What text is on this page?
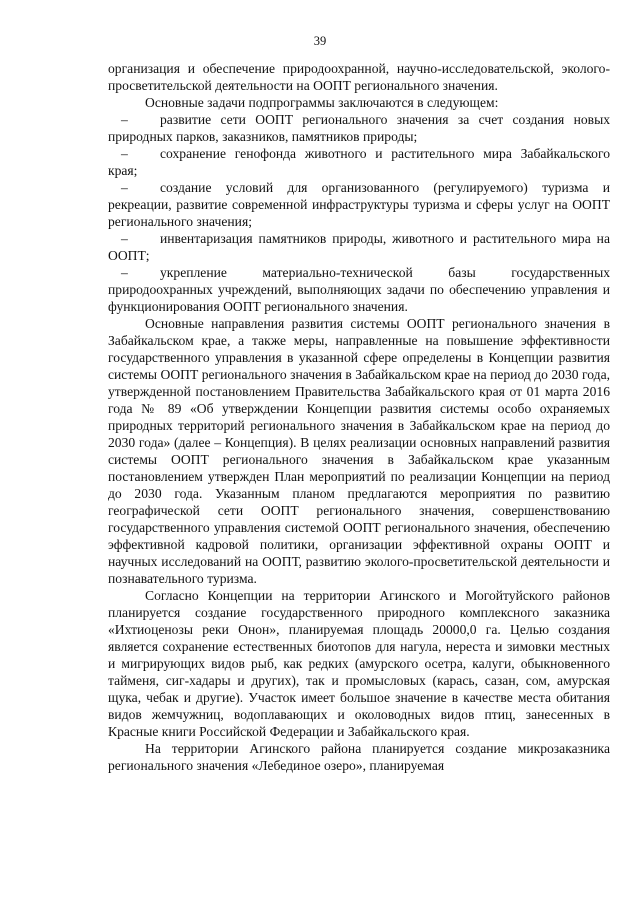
39

организация и обеспечение природоохранной, научно-исследовательской, эколого-просветительской деятельности на ООПТ регионального значения.

Основные задачи подпрограммы заключаются в следующем:

– развитие сети ООПТ регионального значения за счет создания новых природных парков, заказников, памятников природы;

– сохранение генофонда животного и растительного мира Забайкальского края;

– создание условий для организованного (регулируемого) туризма и рекреации, развитие современной инфраструктуры туризма и сферы услуг на ООПТ регионального значения;

– инвентаризация памятников природы, животного и растительного мира на ООПТ;

– укрепление материально-технической базы государственных природоохранных учреждений, выполняющих задачи по обеспечению управления и функционирования ООПТ регионального значения.

Основные направления развития системы ООПТ регионального значения в Забайкальском крае, а также меры, направленные на повышение эффективности государственного управления в указанной сфере определены в Концепции развития системы ООПТ регионального значения в Забайкальском крае на период до 2030 года, утвержденной постановлением Правительства Забайкальского края от 01 марта 2016 года № 89 «Об утверждении Концепции развития системы особо охраняемых природных территорий регионального значения в Забайкальском крае на период до 2030 года» (далее – Концепция). В целях реализации основных направлений развития системы ООПТ регионального значения в Забайкальском крае указанным постановлением утвержден План мероприятий по реализации Концепции на период до 2030 года. Указанным планом предлагаются мероприятия по развитию географической сети ООПТ регионального значения, совершенствованию государственного управления системой ООПТ регионального значения, обеспечению эффективной кадровой политики, организации эффективной охраны ООПТ и научных исследований на ООПТ, развитию эколого-просветительской деятельности и познавательного туризма.

Согласно Концепции на территории Агинского и Могойтуйского районов планируется создание государственного природного комплексного заказника «Ихтиоценозы реки Онон», планируемая площадь 20000,0 га. Целью создания является сохранение естественных биотопов для нагула, нереста и зимовки местных и мигрирующих видов рыб, как редких (амурского осетра, калуги, обыкновенного тайменя, сиг-хадары и других), так и промысловых (карась, сазан, сом, амурская щука, чебак и другие). Участок имеет большое значение в качестве места обитания видов жемчужниц, водоплавающих и околоводных видов птиц, занесенных в Красные книги Российской Федерации и Забайкальского края.

На территории Агинского района планируется создание микрозаказника регионального значения «Лебединое озеро», планируемая
